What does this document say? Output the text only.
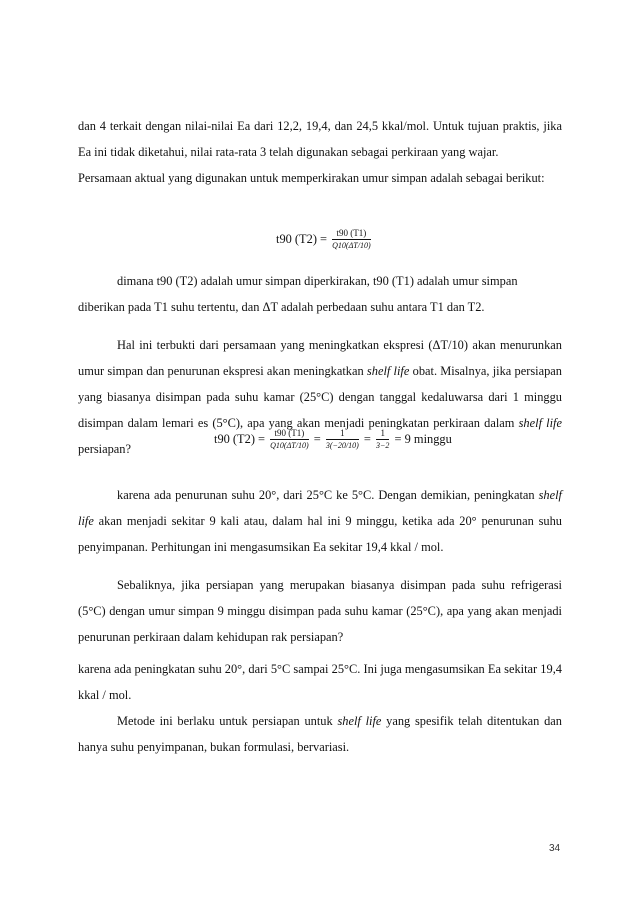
dan 4 terkait dengan nilai-nilai Ea dari 12,2, 19,4, dan 24,5 kkal/mol. Untuk tujuan praktis, jika Ea ini tidak diketahui, nilai rata-rata 3 telah digunakan sebagai perkiraan yang wajar.
Persamaan aktual yang digunakan untuk memperkirakan umur simpan adalah sebagai berikut:
t90 $(T2) = \frac{t90 (T1)}{Q10(\Delta T/10)}$
dimana t90 (T2) adalah umur simpan diperkirakan, t90 (T1) adalah umur simpan
diberikan pada T1 suhu tertentu, dan ΔT adalah perbedaan suhu antara T1 dan T2.
Hal ini terbukti dari persamaan yang meningkatkan ekspresi (ΔT/10) akan menurunkan umur simpan dan penurunan ekspresi akan meningkatkan shelf life obat. Misalnya, jika persiapan yang biasanya disimpan pada suhu kamar (25°C) dengan tanggal kedaluwarsa dari 1 minggu disimpan dalam lemari es (5°C), apa yang akan menjadi peningkatan perkiraan dalam shelf life persiapan?
t90 $(T2) = \frac{t90 (T1)}{Q10(\Delta T/10)} = \frac{1}{3(-20/10)} = \frac{1}{3-2} = 9$ minggu
karena ada penurunan suhu 20°, dari 25°C ke 5°C. Dengan demikian, peningkatan shelf life akan menjadi sekitar 9 kali atau, dalam hal ini 9 minggu, ketika ada 20° penurunan suhu penyimpanan. Perhitungan ini mengasumsikan Ea sekitar 19,4 kkal / mol.
Sebaliknya, jika persiapan yang merupakan biasanya disimpan pada suhu refrigerasi (5°C) dengan umur simpan 9 minggu disimpan pada suhu kamar (25°C), apa yang akan menjadi penurunan perkiraan dalam kehidupan rak persiapan?
karena ada peningkatan suhu 20°, dari 5°C sampai 25°C. Ini juga mengasumsikan Ea sekitar 19,4 kkal / mol.
Metode ini berlaku untuk persiapan untuk shelf life yang spesifik telah ditentukan dan hanya suhu penyimpanan, bukan formulasi, bervariasi.
34
